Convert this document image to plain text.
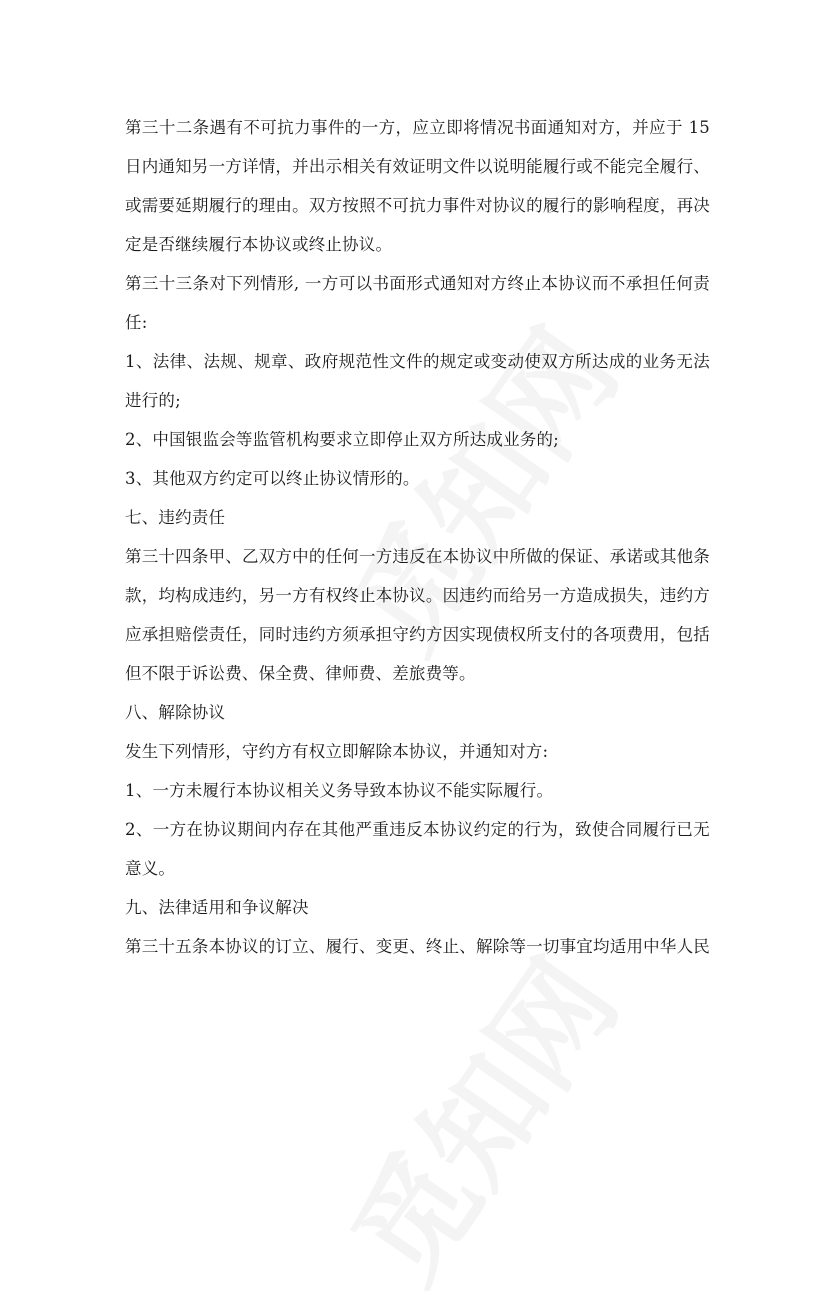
第三十二条遇有不可抗力事件的一方，应立即将情况书面通知对方，并应于 15
日内通知另一方详情，并出示相关有效证明文件以说明能履行或不能完全履行、
或需要延期履行的理由。双方按照不可抗力事件对协议的履行的影响程度，再决
定是否继续履行本协议或终止协议。
第三十三条对下列情形, 一方可以书面形式通知对方终止本协议而不承担任何责
任:
1、法律、法规、规章、政府规范性文件的规定或变动使双方所达成的业务无法
进行的;
2、中国银监会等监管机构要求立即停止双方所达成业务的;
3、其他双方约定可以终止协议情形的。
七、违约责任
第三十四条甲、乙双方中的任何一方违反在本协议中所做的保证、承诺或其他条
款，均构成违约，另一方有权终止本协议。因违约而给另一方造成损失，违约方
应承担赔偿责任，同时违约方须承担守约方因实现债权所支付的各项费用，包括
但不限于诉讼费、保全费、律师费、差旅费等。
八、解除协议
发生下列情形，守约方有权立即解除本协议，并通知对方:
1、一方未履行本协议相关义务导致本协议不能实际履行。
2、一方在协议期间内存在其他严重违反本协议约定的行为，致使合同履行已无
意义。
九、法律适用和争议解决
第三十五条本协议的订立、履行、变更、终止、解除等一切事宜均适用中华人民
